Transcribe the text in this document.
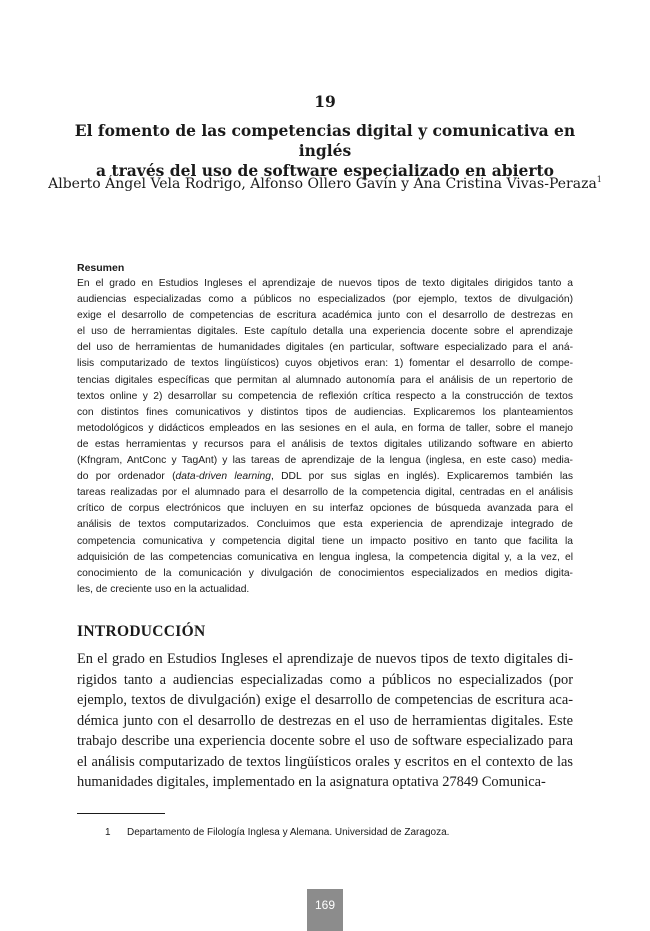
19
El fomento de las competencias digital y comunicativa en inglés
a través del uso de software especializado en abierto
Alberto Ángel Vela Rodrigo, Alfonso Ollero Gavín y Ana Cristina Vivas-Peraza$^1$
Resumen
En el grado en Estudios Ingleses el aprendizaje de nuevos tipos de texto digitales dirigidos tanto a
audiencias especializadas como a públicos no especializados (por ejemplo, textos de divulgación)
exige el desarrollo de competencias de escritura académica junto con el desarrollo de destrezas en
el uso de herramientas digitales. Este capítulo detalla una experiencia docente sobre el aprendizaje
del uso de herramientas de humanidades digitales (en particular, software especializado para el aná-
lisis computarizado de textos lingüísticos) cuyos objetivos eran: 1) fomentar el desarrollo de compe-
tencias digitales específicas que permitan al alumnado autonomía para el análisis de un repertorio de
textos online y 2) desarrollar su competencia de reflexión crítica respecto a la construcción de textos
con distintos fines comunicativos y distintos tipos de audiencias. Explicaremos los planteamientos
metodológicos y didácticos empleados en las sesiones en el aula, en forma de taller, sobre el manejo
de estas herramientas y recursos para el análisis de textos digitales utilizando software en abierto
(Kfngram, AntConc y TagAnt) y las tareas de aprendizaje de la lengua (inglesa, en este caso) media-
do por ordenador (data-driven learning, DDL por sus siglas en inglés). Explicaremos también las
tareas realizadas por el alumnado para el desarrollo de la competencia digital, centradas en el análisis
crítico de corpus electrónicos que incluyen en su interfaz opciones de búsqueda avanzada para el
análisis de textos computarizados. Concluimos que esta experiencia de aprendizaje integrado de
competencia comunicativa y competencia digital tiene un impacto positivo en tanto que facilita la
adquisición de las competencias comunicativa en lengua inglesa, la competencia digital y, a la vez, el
conocimiento de la comunicación y divulgación de conocimientos especializados en medios digita-
les, de creciente uso en la actualidad.
INTRODUCCIÓN
En el grado en Estudios Ingleses el aprendizaje de nuevos tipos de texto digitales di-
rigidos tanto a audiencias especializadas como a públicos no especializados (por
ejemplo, textos de divulgación) exige el desarrollo de competencias de escritura aca-
démica junto con el desarrollo de destrezas en el uso de herramientas digitales. Este
trabajo describe una experiencia docente sobre el uso de software especializado para
el análisis computarizado de textos lingüísticos orales y escritos en el contexto de las
humanidades digitales, implementado en la asignatura optativa 27849 Comunica-
1 Departamento de Filología Inglesa y Alemana. Universidad de Zaragoza.
169
